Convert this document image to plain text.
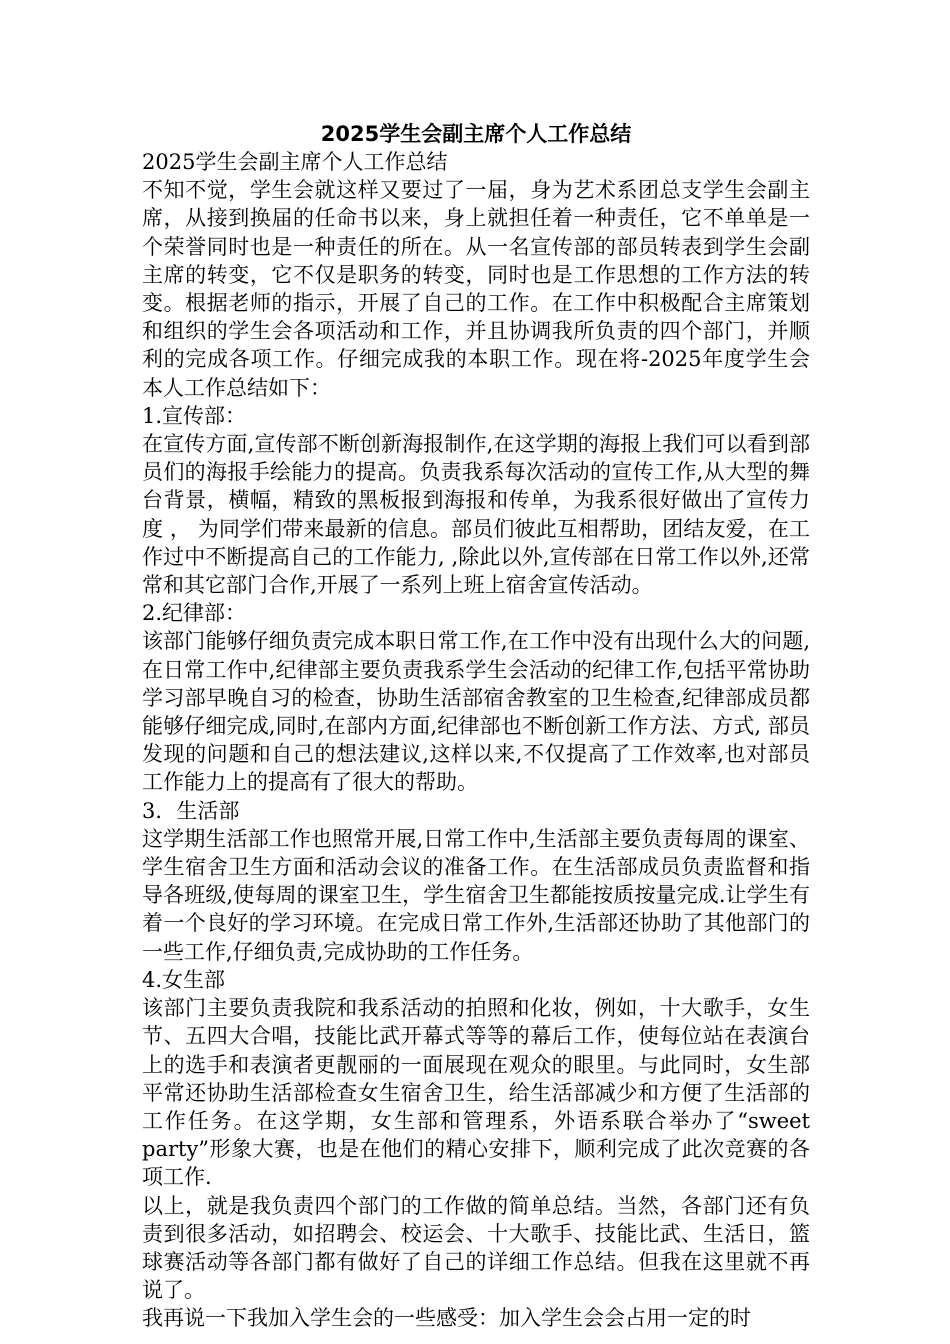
2025学生会副主席个人工作总结

2025学生会副主席个人工作总结

不知不觉，学生会就这样又要过了一届，身为艺术系团总支学生会副主席，从接到换届的任命书以来，身上就担任着一种责任，它不单单是一个荣誉同时也是一种责任的所在。从一名宣传部的部员转表到学生会副主席的转变，它不仅是职务的转变，同时也是工作思想的工作方法的转变。根据老师的指示，开展了自己的工作。在工作中积极配合主席策划和组织的学生会各项活动和工作，并且协调我所负责的四个部门，并顺利的完成各项工作。仔细完成我的本职工作。现在将-2025年度学生会本人工作总结如下：

1.宣传部：

在宣传方面,宣传部不断创新海报制作,在这学期的海报上我们可以看到部员们的海报手绘能力的提高。负责我系每次活动的宣传工作,从大型的舞台背景，横幅，精致的黑板报到海报和传单，为我系很好做出了宣传力度 ， 为同学们带来最新的信息。部员们彼此互相帮助，团结友爱，在工作过中不断提高自己的工作能力, ,除此以外,宣传部在日常工作以外,还常常和其它部门合作,开展了一系列上班上宿舍宣传活动。

2.纪律部：

该部门能够仔细负责完成本职日常工作,在工作中没有出现什么大的问题,在日常工作中,纪律部主要负责我系学生会活动的纪律工作,包括平常协助学习部早晚自习的检查，协助生活部宿舍教室的卫生检查,纪律部成员都能够仔细完成,同时,在部内方面,纪律部也不断创新工作方法、方式, 部员发现的问题和自己的想法建议,这样以来,不仅提高了工作效率,也对部员工作能力上的提高有了很大的帮助。

3．生活部

这学期生活部工作也照常开展,日常工作中,生活部主要负责每周的课室、学生宿舍卫生方面和活动会议的准备工作。在生活部成员负责监督和指导各班级,使每周的课室卫生，学生宿舍卫生都能按质按量完成.让学生有着一个良好的学习环境。在完成日常工作外,生活部还协助了其他部门的一些工作,仔细负责,完成协助的工作任务。

4.女生部

该部门主要负责我院和我系活动的拍照和化妆，例如，十大歌手，女生节、五四大合唱，技能比武开幕式等等的幕后工作，使每位站在表演台上的选手和表演者更靓丽的一面展现在观众的眼里。与此同时，女生部平常还协助生活部检查女生宿舍卫生，给生活部减少和方便了生活部的工作任务。在这学期，女生部和管理系，外语系联合举办了“sweet party”形象大赛，也是在他们的精心安排下，顺利完成了此次竞赛的各项工作.

以上，就是我负责四个部门的工作做的简单总结。当然，各部门还有负责到很多活动，如招聘会、校运会、十大歌手、技能比武、生活日，篮球赛活动等各部门都有做好了自己的详细工作总结。但我在这里就不再说了。

我再说一下我加入学生会的一些感受：加入学生会会占用一定的时
